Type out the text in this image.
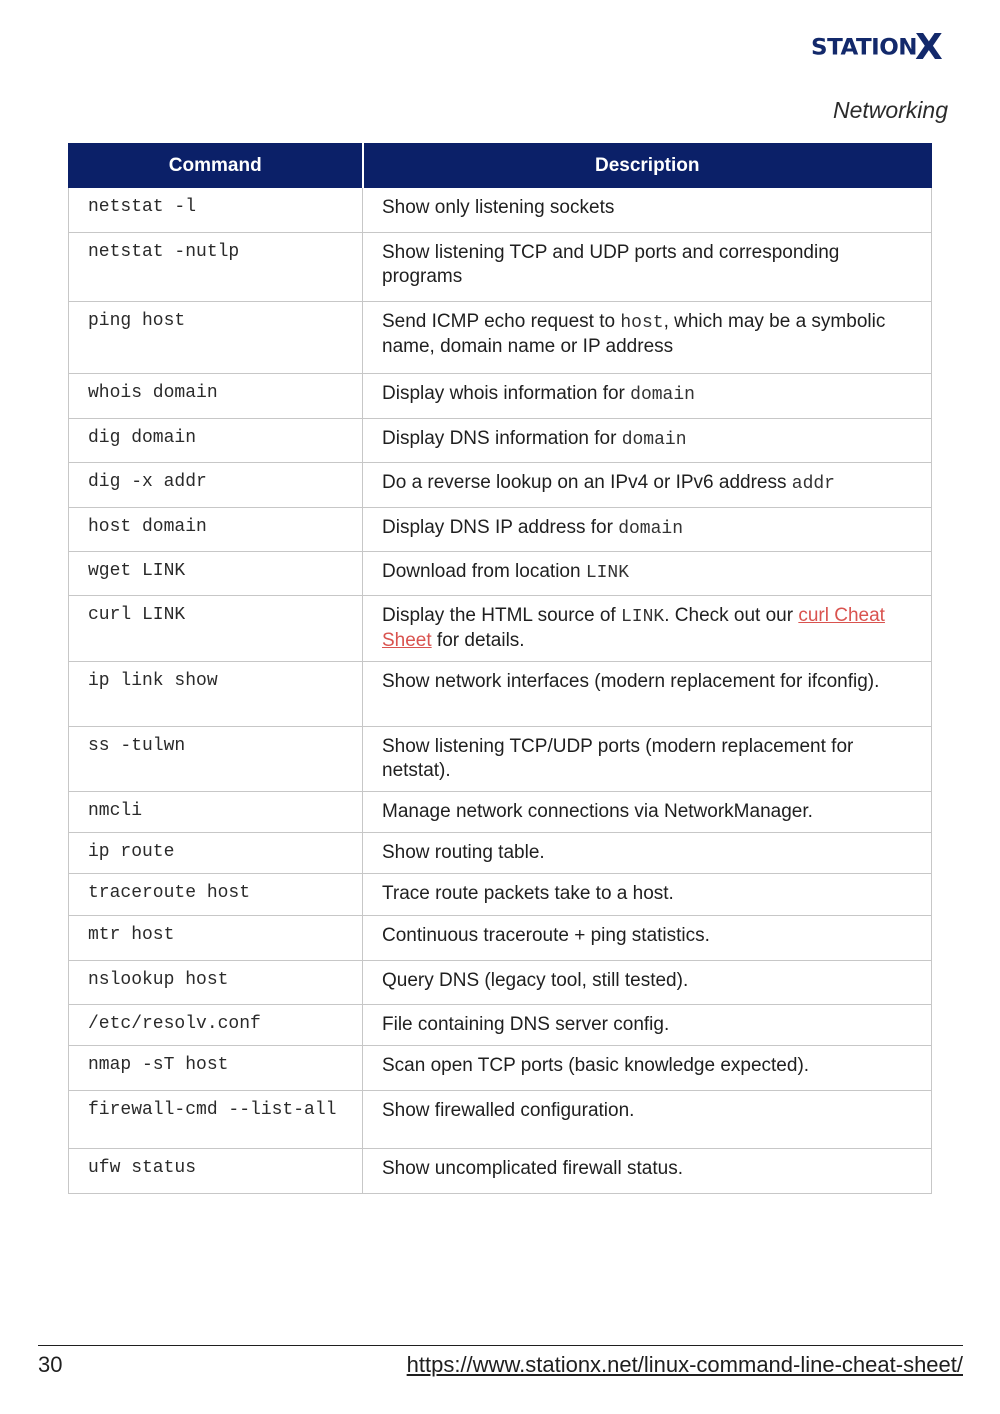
STATION
X
Networking
Command	Description
netstat -l	Show only listening sockets
netstat -nutlp	Show listening TCP and UDP ports and corresponding programs
ping host	Send ICMP echo request to host, which may be a symbolic name, domain name or IP address
whois domain	Display whois information for domain
dig domain	Display DNS information for domain
dig -x addr	Do a reverse lookup on an IPv4 or IPv6 address addr
host domain	Display DNS IP address for domain
wget LINK	Download from location LINK
curl LINK	Display the HTML source of LINK. Check out our curl Cheat Sheet for details.
ip link show	Show network interfaces (modern replacement for ifconfig).
ss -tulwn	Show listening TCP/UDP ports (modern replacement for netstat).
nmcli	Manage network connections via NetworkManager.
ip route	Show routing table.
traceroute host	Trace route packets take to a host.
mtr host	Continuous traceroute + ping statistics.
nslookup host	Query DNS (legacy tool, still tested).
/etc/resolv.conf	File containing DNS server config.
nmap -sT host	Scan open TCP ports (basic knowledge expected).
firewall-cmd --list-all	Show firewalled configuration.
ufw status	Show uncomplicated firewall status.
30	https://www.stationx.net/linux-command-line-cheat-sheet/
